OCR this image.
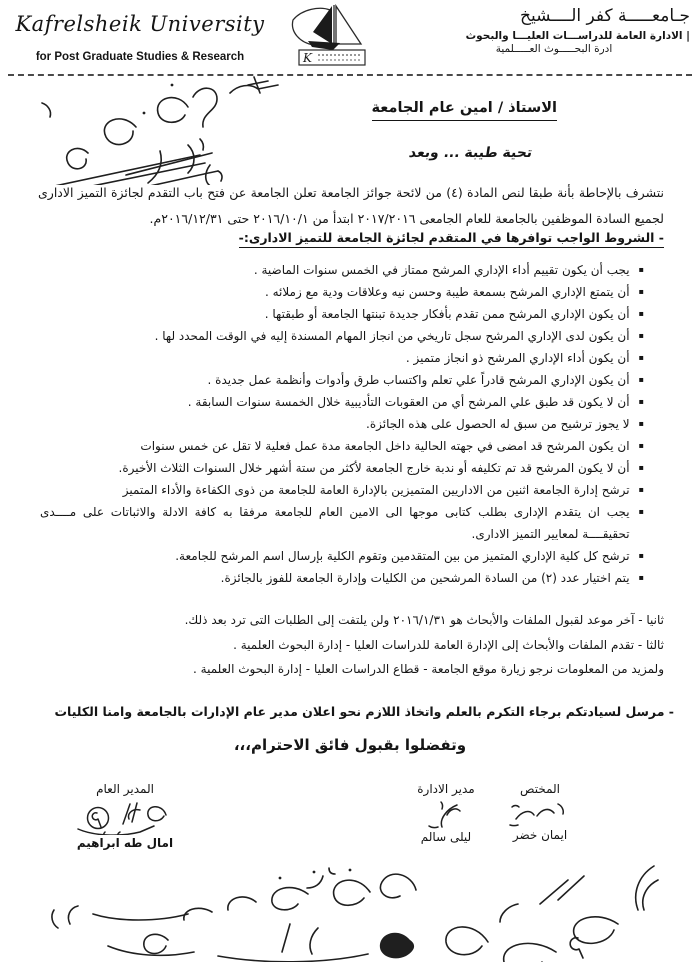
Kafrelsheik University
for Post Graduate Studies & Research	K
جـامعـــــة كفر الــــشيخ
| الادارة العامة للدراســـات العليـــا والبحوث
ادرة البحـــــوث العـــــلمية
الاستاذ / امين عام الجامعة
تحية طيبة ... وبعد
نتشرف بالإحاطة بأنة طبقا لنص المادة (٤) من لائحة جوائز الجامعة تعلن الجامعة عن فتح باب التقدم لجائزة التميز الادارى لجميع السادة الموظفين بالجامعة للعام الجامعى ٢٠١٧/٢٠١٦ ابتدأ من ٢٠١٦/١٠/١ حتى ٢٠١٦/١٢/٣١م.
- الشروط الواجب توافرها في المتقدم لجائزة الجامعة للتميز الادارى:-
▪
يجب أن يكون تقييم أداء الإداري المرشح ممتاز في الخمس سنوات الماضية .
▪
أن يتمتع الإداري المرشح بسمعة طيبة وحسن نيه وعلاقات ودية مع زملائه .
▪
أن يكون الإداري المرشح ممن تقدم بأفكار جديدة تبنتها الجامعة أو طبقتها .
▪
أن يكون لدى الإداري المرشح سجل تاريخي من انجاز المهام المسندة إليه في الوقت المحدد لها .
▪
أن يكون أداء الإداري المرشح ذو انجاز متميز .
▪
أن يكون الإداري المرشح قادراً علي تعلم واكتساب طرق وأدوات وأنظمة عمل جديدة .
▪
أن لا يكون قد طبق علي المرشح أي من العقوبات التأديبية خلال الخمسة سنوات السابقة .
▪
لا يجوز ترشيح من سبق له الحصول على هذه الجائزة.
▪
ان يكون المرشح قد امضى في جهته الحالية داخل الجامعة مدة عمل فعلية لا تقل عن خمس سنوات
▪
أن لا يكون المرشح قد تم تكليفه أو ندبة خارج الجامعة لأكثر من ستة أشهر خلال السنوات الثلاث الأخيرة.
▪
ترشح إدارة الجامعة اثنين من الاداريين المتميزين بالإدارة العامة للجامعة من ذوى الكفاءة والأداء المتميز
▪
يجب ان يتقدم الإدارى بطلب كتابى موجها الى الامين العام للجامعة مرفقا به كافة الادلة والاثباتات على مــــدى تحقيقــــة لمعايير التميز الادارى.
▪
ترشح كل كلية الإداري المتميز من بين المتقدمين وتقوم الكلية بإرسال اسم المرشح للجامعة.
▪
يتم اختيار عدد (٢) من السادة المرشحين من الكليات وإدارة الجامعة للفوز بالجائزة.
ثانيا - آخر موعد لقبول الملفات والأبحاث هو ٢٠١٦/١/٣١ ولن يلتفت إلى الطلبات التى ترد بعد ذلك.
ثالثا - تقدم الملفات والأبحاث إلى الإدارة العامة للدراسات العليا - إدارة البحوث العلمية .
ولمزيد من المعلومات نرجو زيارة موقع الجامعة - قطاع الدراسات العليا - إدارة البحوث العلمية .
- مرسل لسيادتكم برجاء التكرم بالعلم واتخاذ اللازم نحو اعلان مدير عام الإدارات بالجامعة وامنا الكليات
وتفضلوا بقبول فائق الاحترام،،،
المختص
ايمان خضر
مدير الادارة
ليلى سالم
المدير العام
امال طه ابراهيم
